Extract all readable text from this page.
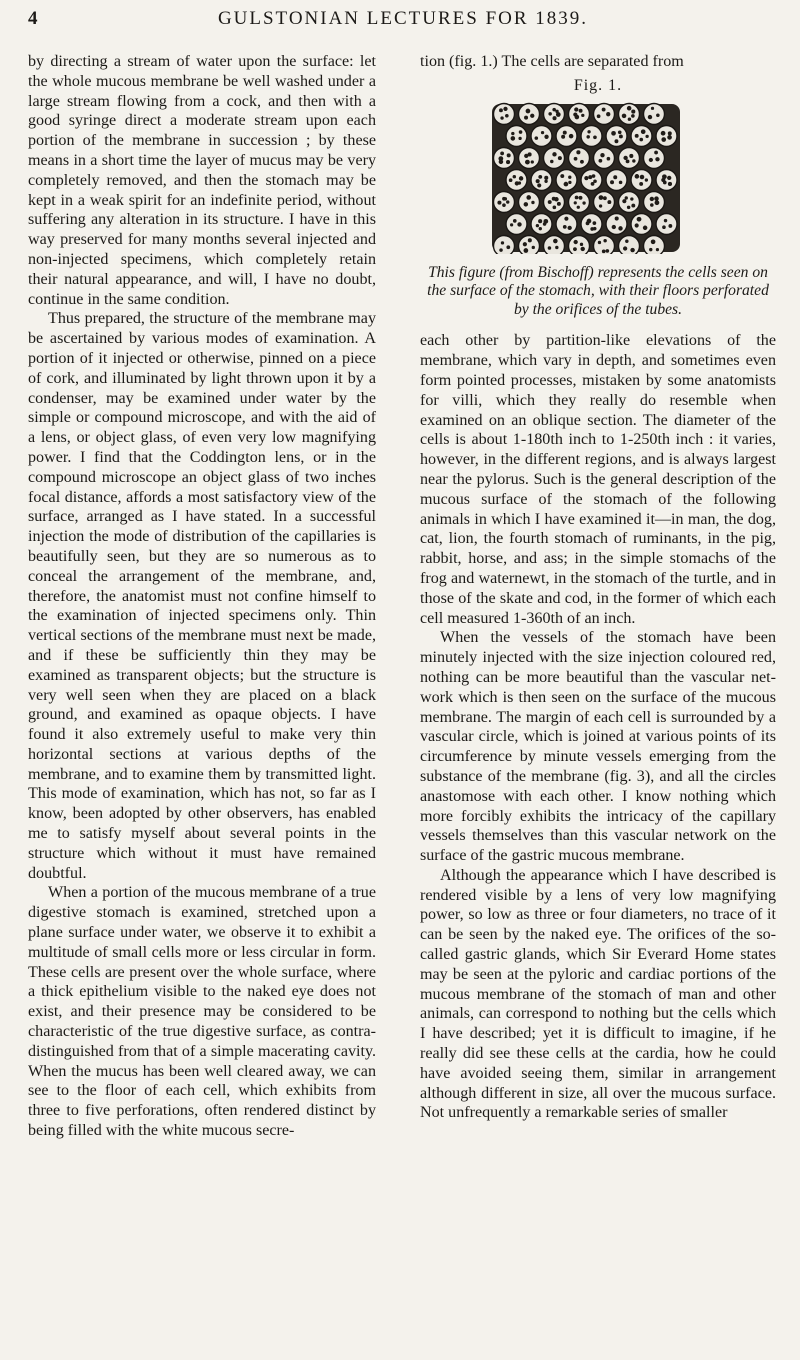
4	GULSTONIAN LECTURES FOR 1839.

by directing a stream of water upon the surface: let the whole mucous membrane be well washed under a large stream flowing from a cock, and then with a good syringe direct a moderate stream upon each portion of the membrane in succession ; by these means in a short time the layer of mucus may be very completely removed, and then the stomach may be kept in a weak spirit for an indefinite period, without suffering any alteration in its structure. I have in this way preserved for many months several injected and non-injected specimens, which completely retain their natural appearance, and will, I have no doubt, continue in the same condition.

Thus prepared, the structure of the membrane may be ascertained by various modes of examination. A portion of it injected or otherwise, pinned on a piece of cork, and illuminated by light thrown upon it by a condenser, may be examined under water by the simple or compound microscope, and with the aid of a lens, or object glass, of even very low magnifying power. I find that the Coddington lens, or in the compound microscope an object glass of two inches focal distance, affords a most satisfactory view of the surface, arranged as I have stated. In a successful injection the mode of distribution of the capillaries is beautifully seen, but they are so numerous as to conceal the arrangement of the membrane, and, therefore, the anatomist must not confine himself to the examination of injected specimens only. Thin vertical sections of the membrane must next be made, and if these be sufficiently thin they may be examined as transparent objects; but the structure is very well seen when they are placed on a black ground, and examined as opaque objects. I have found it also extremely useful to make very thin horizontal sections at various depths of the membrane, and to examine them by transmitted light. This mode of examination, which has not, so far as I know, been adopted by other observers, has enabled me to satisfy myself about several points in the structure which without it must have remained doubtful.

When a portion of the mucous membrane of a true digestive stomach is examined, stretched upon a plane surface under water, we observe it to exhibit a multitude of small cells more or less circular in form. These cells are present over the whole surface, where a thick epithelium visible to the naked eye does not exist, and their presence may be considered to be characteristic of the true digestive surface, as contra-distinguished from that of a simple macerating cavity. When the mucus has been well cleared away, we can see to the floor of each cell, which exhibits from three to five perforations, often rendered distinct by being filled with the white mucous secre-

tion (fig. 1.) The cells are separated from

Fig. 1.
This figure (from Bischoff) represents the cells seen on the surface of the stomach, with their floors perforated by the orifices of the tubes.

each other by partition-like elevations of the membrane, which vary in depth, and sometimes even form pointed processes, mistaken by some anatomists for villi, which they really do resemble when examined on an oblique section. The diameter of the cells is about 1-180th inch to 1-250th inch : it varies, however, in the different regions, and is always largest near the pylorus. Such is the general description of the mucous surface of the stomach of the following animals in which I have examined it—in man, the dog, cat, lion, the fourth stomach of ruminants, in the pig, rabbit, horse, and ass; in the simple stomachs of the frog and waternewt, in the stomach of the turtle, and in those of the skate and cod, in the former of which each cell measured 1-360th of an inch.

When the vessels of the stomach have been minutely injected with the size injection coloured red, nothing can be more beautiful than the vascular net-work which is then seen on the surface of the mucous membrane. The margin of each cell is surrounded by a vascular circle, which is joined at various points of its circumference by minute vessels emerging from the substance of the membrane (fig. 3), and all the circles anastomose with each other. I know nothing which more forcibly exhibits the intricacy of the capillary vessels themselves than this vascular network on the surface of the gastric mucous membrane.

Although the appearance which I have described is rendered visible by a lens of very low magnifying power, so low as three or four diameters, no trace of it can be seen by the naked eye. The orifices of the so-called gastric glands, which Sir Everard Home states may be seen at the pyloric and cardiac portions of the mucous membrane of the stomach of man and other animals, can correspond to nothing but the cells which I have described; yet it is difficult to imagine, if he really did see these cells at the cardia, how he could have avoided seeing them, similar in arrangement although different in size, all over the mucous surface. Not unfrequently a remarkable series of smaller
